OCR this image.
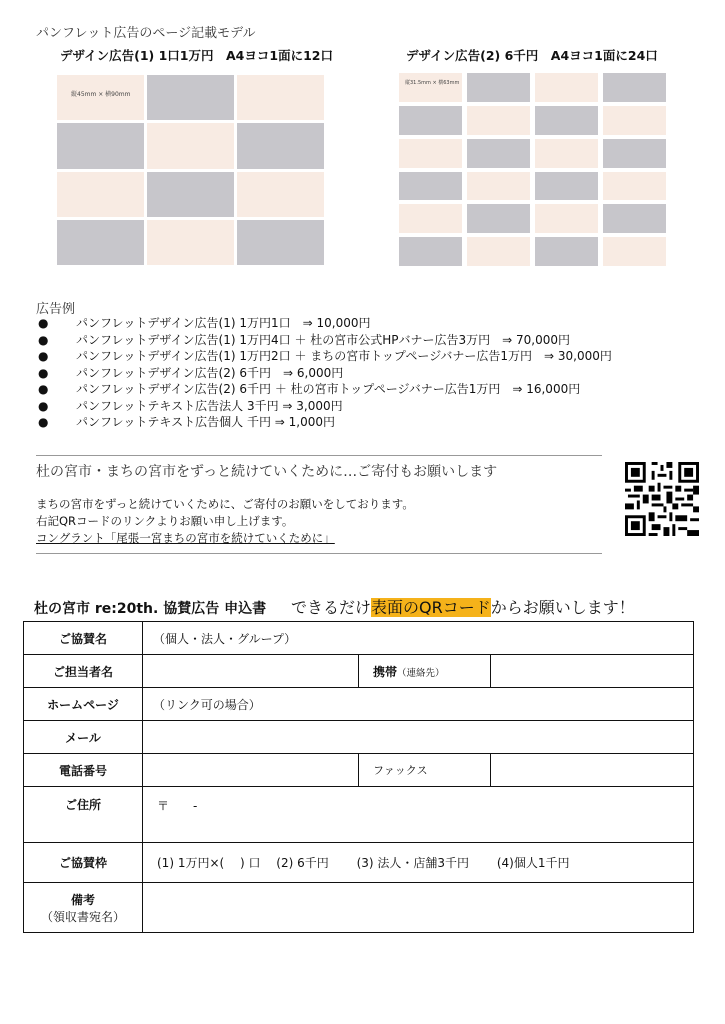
パンフレット広告のページ記載モデル
デザイン広告(1) 1口1万円　A4ヨコ1面に12口	デザイン広告(2) 6千円　A4ヨコ1面に24口
縦45mm × 横90mm
縦31.5mm × 横63mm
広告例
● パンフレットデザイン広告(1) 1万円1口　⇒ 10,000円
● パンフレットデザイン広告(1) 1万円4口 ＋ 杜の宮市公式HPバナー広告3万円　⇒ 70,000円
● パンフレットデザイン広告(1) 1万円2口 ＋ まちの宮市トップページバナー広告1万円　⇒ 30,000円
● パンフレットデザイン広告(2) 6千円　⇒ 6,000円
● パンフレットデザイン広告(2) 6千円 ＋ 杜の宮市トップページバナー広告1万円　⇒ 16,000円
● パンフレットテキスト広告法人 3千円 ⇒ 3,000円
● パンフレットテキスト広告個人 千円 ⇒ 1,000円
杜の宮市・まちの宮市をずっと続けていくために…ご寄付もお願いします
まちの宮市をずっと続けていくために、ご寄付のお願いをしております。
右記QRコードのリンクよりお願い申し上げます。
コングラント「尾張一宮まちの宮市を続けていくために」
杜の宮市 re:20th. 協賛広告 申込書 できるだけ表面のQRコードからお願いします！
ご協賛名	（個人・法人・グループ）		
ご担当者名		携帯（連絡先）	
ホームページ	（リンク可の場合）		
メール			
電話番号		ファックス	
ご住所	〒　　-		
ご協賛枠	(1) 1万円×(　 ) 口　 (2) 6千円　　 (3) 法人・店舗3千円　　 (4)個人1千円		

備考
（領収書宛名）			
